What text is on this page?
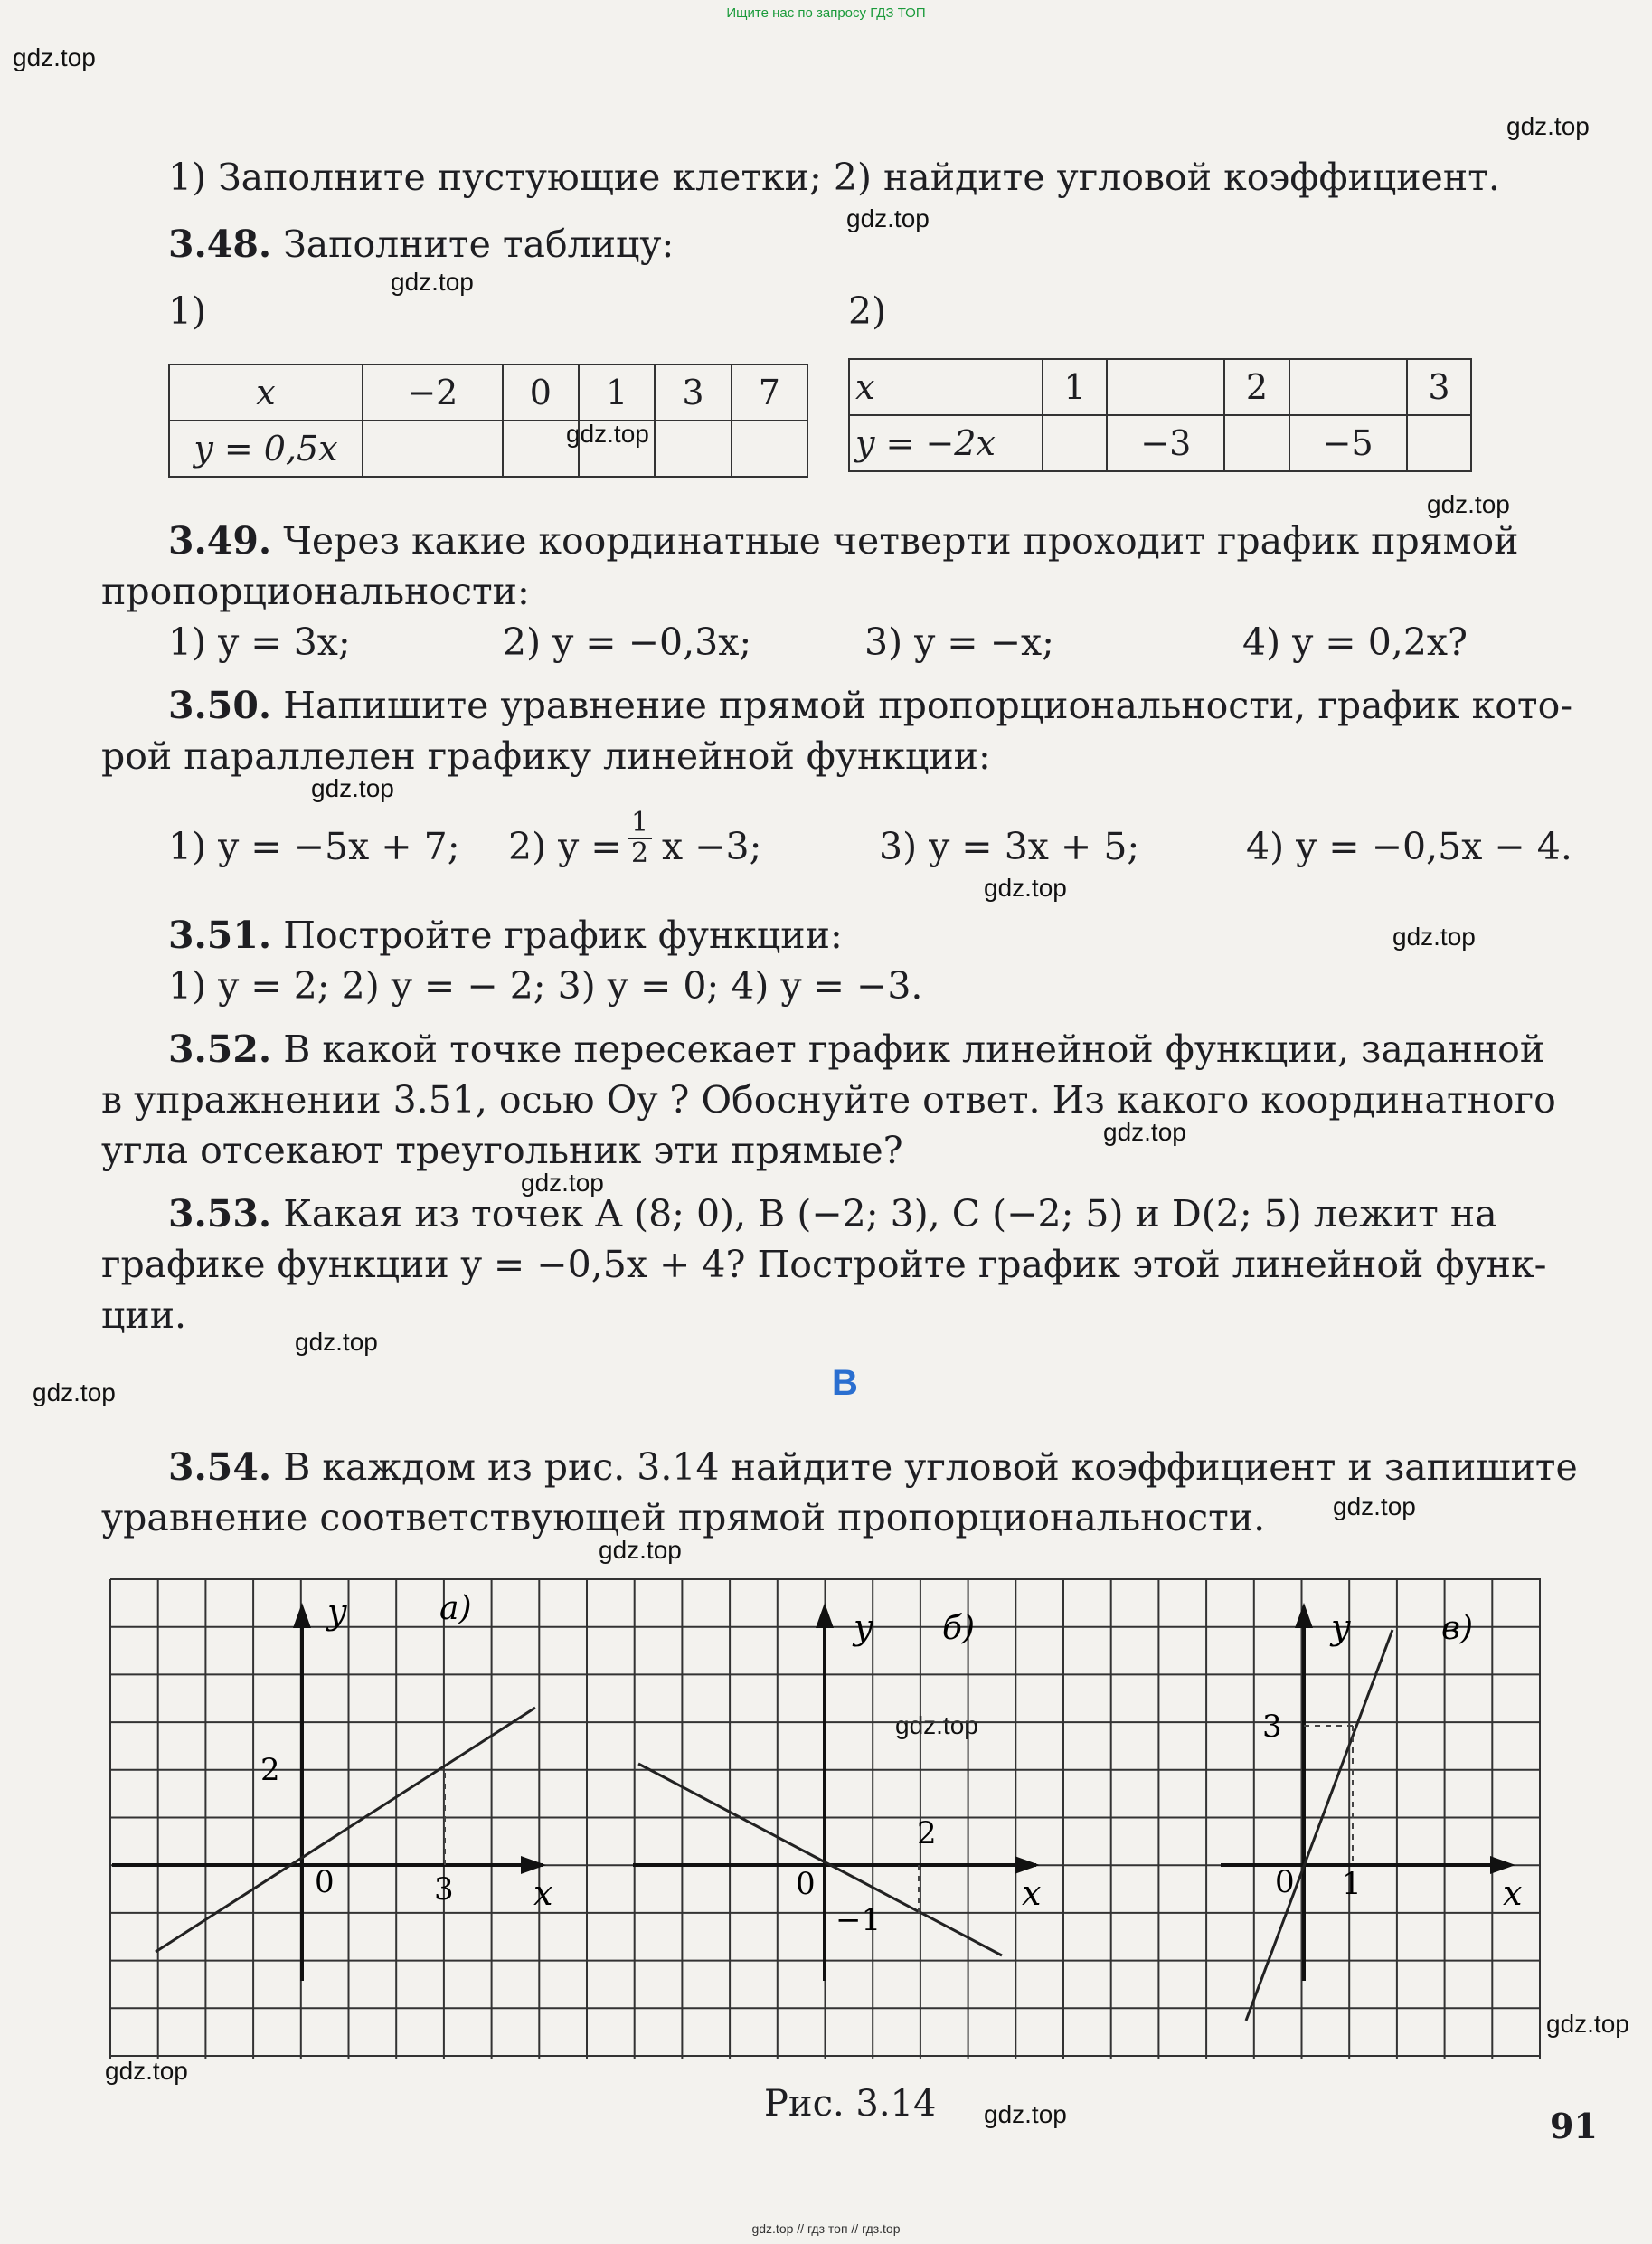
Ищите нас по запросу ГДЗ ТОП
gdz.top
gdz.top
gdz.top
gdz.top
gdz.top
gdz.top
gdz.top
gdz.top
gdz.top
gdz.top
gdz.top
gdz.top
gdz.top
gdz.top
gdz.top
gdz.top
gdz.top
gdz.top
gdz.top
1) Заполните пустующие клетки; 2) найдите угловой коэффициент.
3.48. Заполните таблицу:
1)	2)
x	−2	0	1	3	7
y = 0,5x					
x	1		2		3
y = −2x		−3		−5	
3.49. Через какие координатные четверти проходит график прямой
пропорциональности:
1) y = 3x;	2) y = −0,3x;	3) y = −x;	4) y = 0,2x?
3.50. Напишите уравнение прямой пропорциональности, график кото-
рой параллелен графику линейной функции:
1) y = −5x + 7; 2) $y = \frac{1}{2}$ x −3;	3) y = 3x + 5;	4) y = −0,5x − 4.
3.51. Постройте график функции:
1) y = 2; 2) y = − 2; 3) y = 0; 4) y = −3.
3.52. В какой точке пересекает график линейной функции, заданной
в упражнении 3.51, осью Oy ? Обоснуйте ответ. Из какого координатного
угла отсекают треугольник эти прямые?
3.53. Какая из точек A (8; 0), B (−2; 3), C (−2; 5) и D(2; 5) лежит на
графике функции y = −0,5x + 4? Постройте график этой линейной функ-
ции.
В
3.54. В каждом из рис. 3.14 найдите угловой коэффициент и запишите
уравнение соответствующей прямой пропорциональности.
y	а)
2
0	3 x
y б)
2
0
−1
x
y	в)
3
0 1	x
Рис. 3.14
91
gdz.top // гдз топ // гдз.top
